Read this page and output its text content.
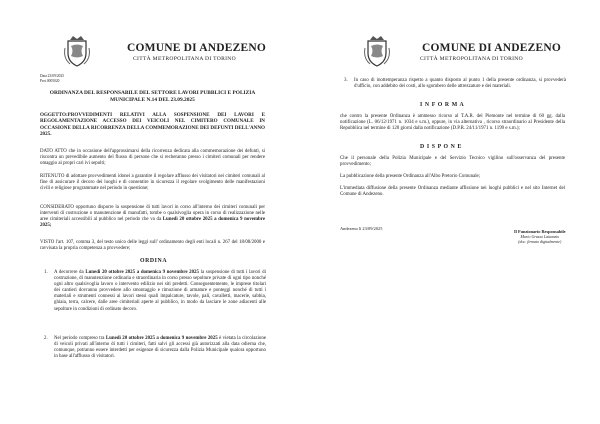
COMUNE DI ANDEZENO
CITTÀ METROPOLITANA DI TORINO
Data 23/09/2025
Prot.0005020
ORDINANZA DEL RESPONSABILE DEL SETTORE LAVORI PUBBLICI E POLIZIA
MUNICIPALE N.14 DEL 23.09.2025
OGGETTO:PROVVEDIMENTI RELATIVI ALLA SOSPENSIONE DEI LAVORI E REGOLAMENTAZIONE ACCESSO DEI VEICOLI NEL CIMITERO COMUNALE IN OCCASIONE DELLA RICORRENZA DELLA COMMEMORAZIONE DEI DEFUNTI DELL'ANNO 2025.

DATO ATTO che in occasione dell'approssimarsi della ricorrenza dedicata alla commemorazione dei defunti, si riscontra un prevedibile aumento del flusso di persone che si recheranno presso i cimiteri comunali per rendere omaggio ai propri cari ivi sepolti;

RITENUTO di adottare provvedimenti idonei a garantire il regolare afflusso dei visitatori nei cimiteri comunali al fine di assicurare il decoro dei luoghi e di consentire in sicurezza il regolare svolgimento delle manifestazioni civili e religiose programmate nel periodo in questione;

CONSIDERATO opportuno disporre la sospensione di tutti lavori in corso all'interno dei cimiteri comunali per interventi di costruzione o manutenzione di manufatti, tombe o qualsivoglia opera in corso di realizzazione nelle aree cimiteriali accessibili al pubblico nel periodo che va da Lunedì 20 ottobre 2025 a domenica 9 novembre 2025;

VISTO l'art. 107, comma 3, del testo unico delle leggi sull' ordinamento degli enti locali n. 267 del 18/08/2000 e ravvisata la propria competenza a provvedere;

ORDINA
1. A decorrere da Lunedì 20 ottobre 2025 a domenica 9 novembre 2025 la sospensione di tutti i lavori di costruzione, di manutenzione ordinaria e straordinaria in corso presso sepolture private di ogni tipo nonché ogni altro qualsivoglia lavoro o intervento edilizio nei siti predetti. Conseguentemente, le imprese titolari dei cantieri dovranno provvedere allo smontaggio e rimozione di armature e ponteggi nonché di tutti i materiali e strumenti connessi ai lavori stessi quali impalcature, tavole, pali, cavalletti, macerie, sabbia, ghiaia, terra, calcere, dalle aree cimiteriali aperte al pubblico, in modo da lasciare le zone adiacenti alle sepolture in condizioni di ordinato decoro.
2. Nel periodo compreso tra Lunedì 20 ottobre 2025 a domenica 9 novembre 2025 è vietata la circolazione di veicoli privati all'interno di tutti i cimiteri, fatti salvi gli accessi già autorizzati alla data odierna che, comunque, potranno essere interdetti per esigenze di sicurezza dalla Polizia Municipale qualora opportuno in base all'afflusso di visitatori.
COMUNE DI ANDEZENO
CITTÀ METROPOLITANA DI TORINO
3. In caso di inottemperanza rispetto a quanto disposto al punto 1 della presente ordinanza, si provvederà d'ufficio, con addebito dei costi, allo sgombero delle attrezzature e dei materiali.
I N F O R M A

che contro la presente Ordinanza è ammesso ricorso al T.A.R. del Piemonte nel termine di 60 gg. dalla notificazione (L. 06/12/1971 n. 1034 e s.m.), oppure, in via alternativa , ricorso straordinario al Presidente della Repubblica nel termine di 120 giorni dalla notificazione (D.P.R. 24/11/1971 n. 1199 e s.m.);

D I S P O N E

Che il personale della Polizia Municipale e del Servizio Tecnico vigilino sull'osservanza del presente provvedimento;

La pubblicazione della presente Ordinanza all'Albo Pretorio Comunale;

L'immediata diffusione della presente Ordinanza mediante affissione nei luoghi pubblici e nel sito Internet del Comune di Andezeno.

Andezeno lì 23/09/2025
Il Funzionario Responsabile
Mario Grasso Lattanzio
(doc. firmato digitalmente)
